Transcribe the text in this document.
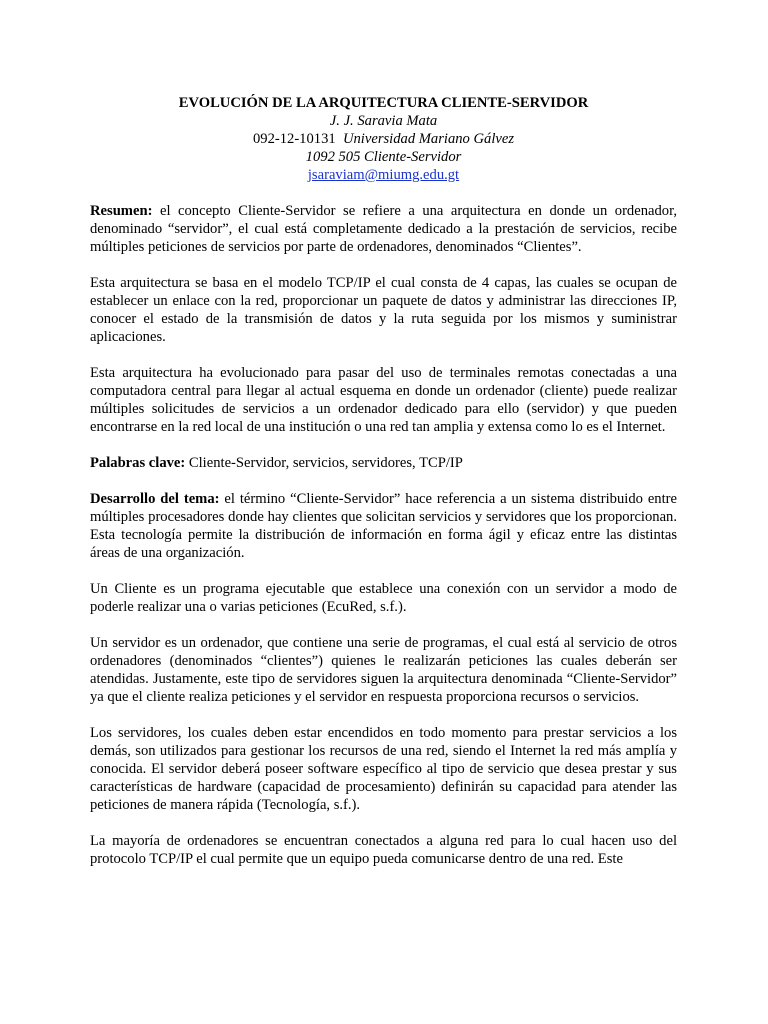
EVOLUCIÓN DE LA ARQUITECTURA CLIENTE-SERVIDOR
J. J. Saravia Mata
092-12-10131 Universidad Mariano Gálvez
1092 505 Cliente-Servidor
jsaraviam@miumg.edu.gt

Resumen: el concepto Cliente-Servidor se refiere a una arquitectura en donde un ordenador, denominado “servidor”, el cual está completamente dedicado a la prestación de servicios, recibe múltiples peticiones de servicios por parte de ordenadores, denominados “Clientes”.

Esta arquitectura se basa en el modelo TCP/IP el cual consta de 4 capas, las cuales se ocupan de establecer un enlace con la red, proporcionar un paquete de datos y administrar las direcciones IP, conocer el estado de la transmisión de datos y la ruta seguida por los mismos y suministrar aplicaciones.

Esta arquitectura ha evolucionado para pasar del uso de terminales remotas conectadas a una computadora central para llegar al actual esquema en donde un ordenador (cliente) puede realizar múltiples solicitudes de servicios a un ordenador dedicado para ello (servidor) y que pueden encontrarse en la red local de una institución o una red tan amplia y extensa como lo es el Internet.

Palabras clave: Cliente-Servidor, servicios, servidores, TCP/IP

Desarrollo del tema: el término “Cliente-Servidor” hace referencia a un sistema distribuido entre múltiples procesadores donde hay clientes que solicitan servicios y servidores que los proporcionan. Esta tecnología permite la distribución de información en forma ágil y eficaz entre las distintas áreas de una organización.

Un Cliente es un programa ejecutable que establece una conexión con un servidor a modo de poderle realizar una o varias peticiones (EcuRed, s.f.).

Un servidor es un ordenador, que contiene una serie de programas, el cual está al servicio de otros ordenadores (denominados “clientes”) quienes le realizarán peticiones las cuales deberán ser atendidas. Justamente, este tipo de servidores siguen la arquitectura denominada “Cliente-Servidor” ya que el cliente realiza peticiones y el servidor en respuesta proporciona recursos o servicios.

Los servidores, los cuales deben estar encendidos en todo momento para prestar servicios a los demás, son utilizados para gestionar los recursos de una red, siendo el Internet la red más amplía y conocida. El servidor deberá poseer software específico al tipo de servicio que desea prestar y sus características de hardware (capacidad de procesamiento) definirán su capacidad para atender las peticiones de manera rápida (Tecnología, s.f.).

La mayoría de ordenadores se encuentran conectados a alguna red para lo cual hacen uso del protocolo TCP/IP el cual permite que un equipo pueda comunicarse dentro de una red. Este
